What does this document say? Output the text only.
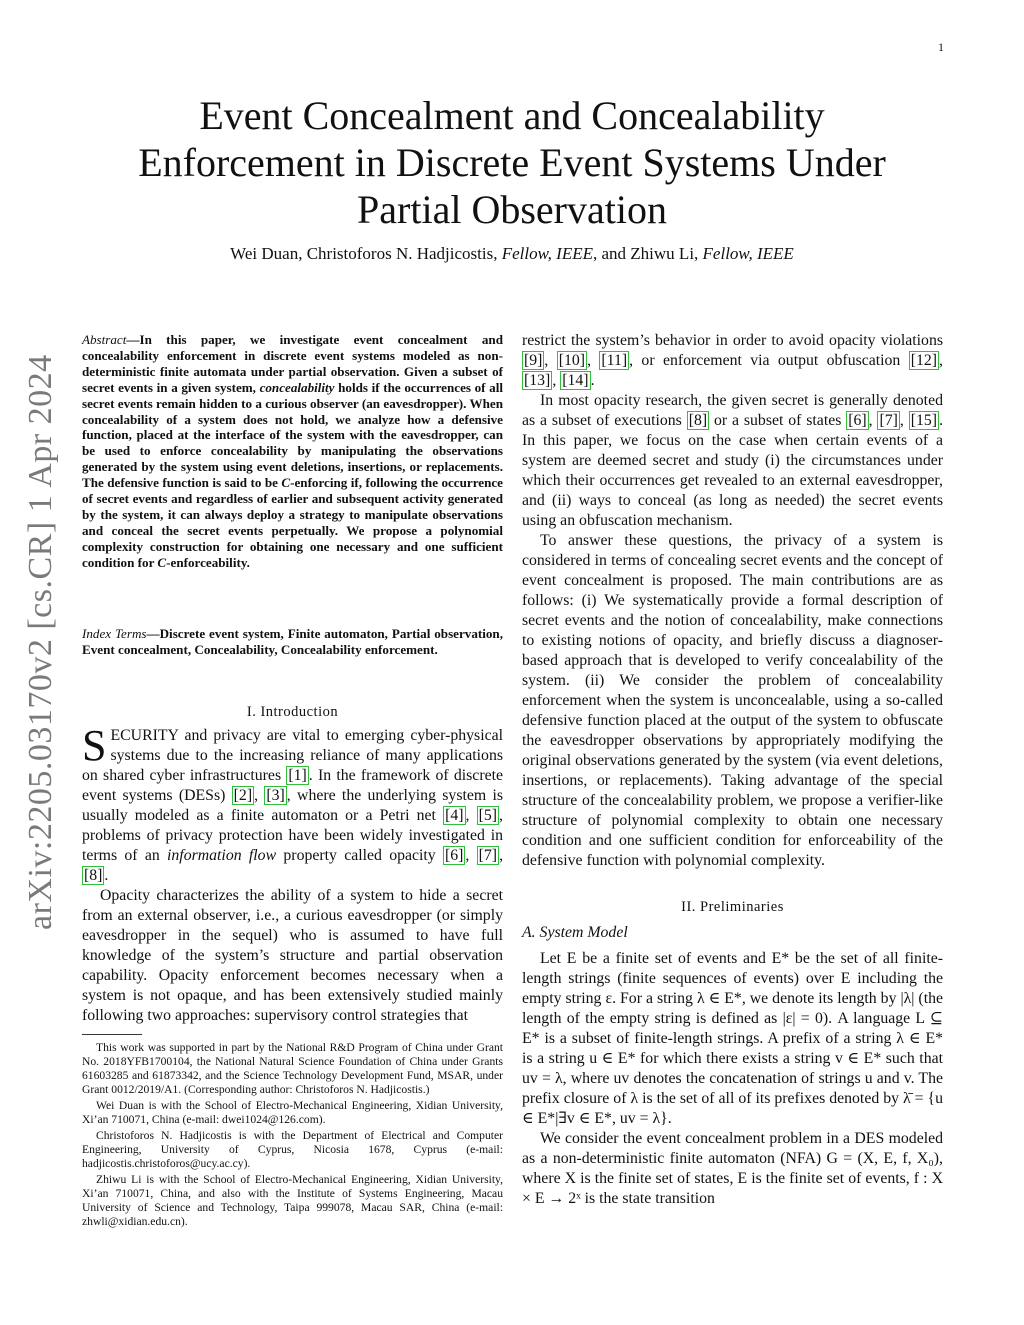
1
arXiv:2205.03170v2 [cs.CR] 1 Apr 2024
Event Concealment and Concealability Enforcement in Discrete Event Systems Under Partial Observation
Wei Duan, Christoforos N. Hadjicostis, Fellow, IEEE, and Zhiwu Li, Fellow, IEEE
Abstract—In this paper, we investigate event concealment and concealability enforcement in discrete event systems modeled as non-deterministic finite automata under partial observation. Given a subset of secret events in a given system, concealability holds if the occurrences of all secret events remain hidden to a curious observer (an eavesdropper). When concealability of a system does not hold, we analyze how a defensive function, placed at the interface of the system with the eavesdropper, can be used to enforce concealability by manipulating the observations generated by the system using event deletions, insertions, or replacements. The defensive function is said to be C-enforcing if, following the occurrence of secret events and regardless of earlier and subsequent activity generated by the system, it can always deploy a strategy to manipulate observations and conceal the secret events perpetually. We propose a polynomial complexity construction for obtaining one necessary and one sufficient condition for C-enforceability.
Index Terms—Discrete event system, Finite automaton, Partial observation, Event concealment, Concealability, Concealability enforcement.
I. Introduction

SECURITY and privacy are vital to emerging cyber-physical systems due to the increasing reliance of many applications on shared cyber infrastructures [1] . In the framework of discrete event systems (DESs) [2] , [3] , where the underlying system is usually modeled as a finite automaton or a Petri net [4] , [5] , problems of privacy protection have been widely investigated in terms of an information flow property called opacity [6] , [7] , [8] .

Opacity characterizes the ability of a system to hide a secret from an external observer, i.e., a curious eavesdropper (or simply eavesdropper in the sequel) who is assumed to have full knowledge of the system’s structure and partial observation capability. Opacity enforcement becomes necessary when a system is not opaque, and has been extensively studied mainly following two approaches: supervisory control strategies that

This work was supported in part by the National R&D Program of China under Grant No. 2018YFB1700104, the National Natural Science Foundation of China under Grants 61603285 and 61873342, and the Science Technology Development Fund, MSAR, under Grant 0012/2019/A1. (Corresponding author: Christoforos N. Hadjicostis.)

Wei Duan is with the School of Electro-Mechanical Engineering, Xidian University, Xi’an 710071, China (e-mail: dwei1024@126.com).

Christoforos N. Hadjicostis is with the Department of Electrical and Computer Engineering, University of Cyprus, Nicosia 1678, Cyprus (e-mail: hadjicostis.christoforos@ucy.ac.cy).

Zhiwu Li is with the School of Electro-Mechanical Engineering, Xidian University, Xi’an 710071, China, and also with the Institute of Systems Engineering, Macau University of Science and Technology, Taipa 999078, Macau SAR, China (e-mail: zhwli@xidian.edu.cn).

restrict the system’s behavior in order to avoid opacity violations [9] , [10] , [11] , or enforcement via output obfuscation [12] , [13] , [14] .

In most opacity research, the given secret is generally denoted as a subset of executions [8] or a subset of states [6] , [7] , [15] . In this paper, we focus on the case when certain events of a system are deemed secret and study (i) the circumstances under which their occurrences get revealed to an external eavesdropper, and (ii) ways to conceal (as long as needed) the secret events using an obfuscation mechanism.

To answer these questions, the privacy of a system is considered in terms of concealing secret events and the concept of event concealment is proposed. The main contributions are as follows: (i) We systematically provide a formal description of secret events and the notion of concealability, make connections to existing notions of opacity, and briefly discuss a diagnoser-based approach that is developed to verify concealability of the system. (ii) We consider the problem of concealability enforcement when the system is unconcealable, using a so-called defensive function placed at the output of the system to obfuscate the eavesdropper observations by appropriately modifying the original observations generated by the system (via event deletions, insertions, or replacements). Taking advantage of the special structure of the concealability problem, we propose a verifier-like structure of polynomial complexity to obtain one necessary condition and one sufficient condition for enforceability of the defensive function with polynomial complexity.

II. Preliminaries

A. System Model

Let E be a finite set of events and E* be the set of all finite-length strings (finite sequences of events) over E including the empty string ε. For a string λ ∈ E*, we denote its length by |λ| (the length of the empty string is defined as |ε| = 0). A language L ⊆ E* is a subset of finite-length strings. A prefix of a string λ ∈ E* is a string u ∈ E* for which there exists a string v ∈ E* such that uv = λ, where uv denotes the concatenation of strings u and v. The prefix closure of λ is the set of all of its prefixes denoted by λ̄ = {u ∈ E*|∃v ∈ E*, uv = λ}.

We consider the event concealment problem in a DES modeled as a non-deterministic finite automaton (NFA) G = (X, E, f, X₀), where X is the finite set of states, E is the finite set of events, f : X × E → 2ˣ is the state transition
